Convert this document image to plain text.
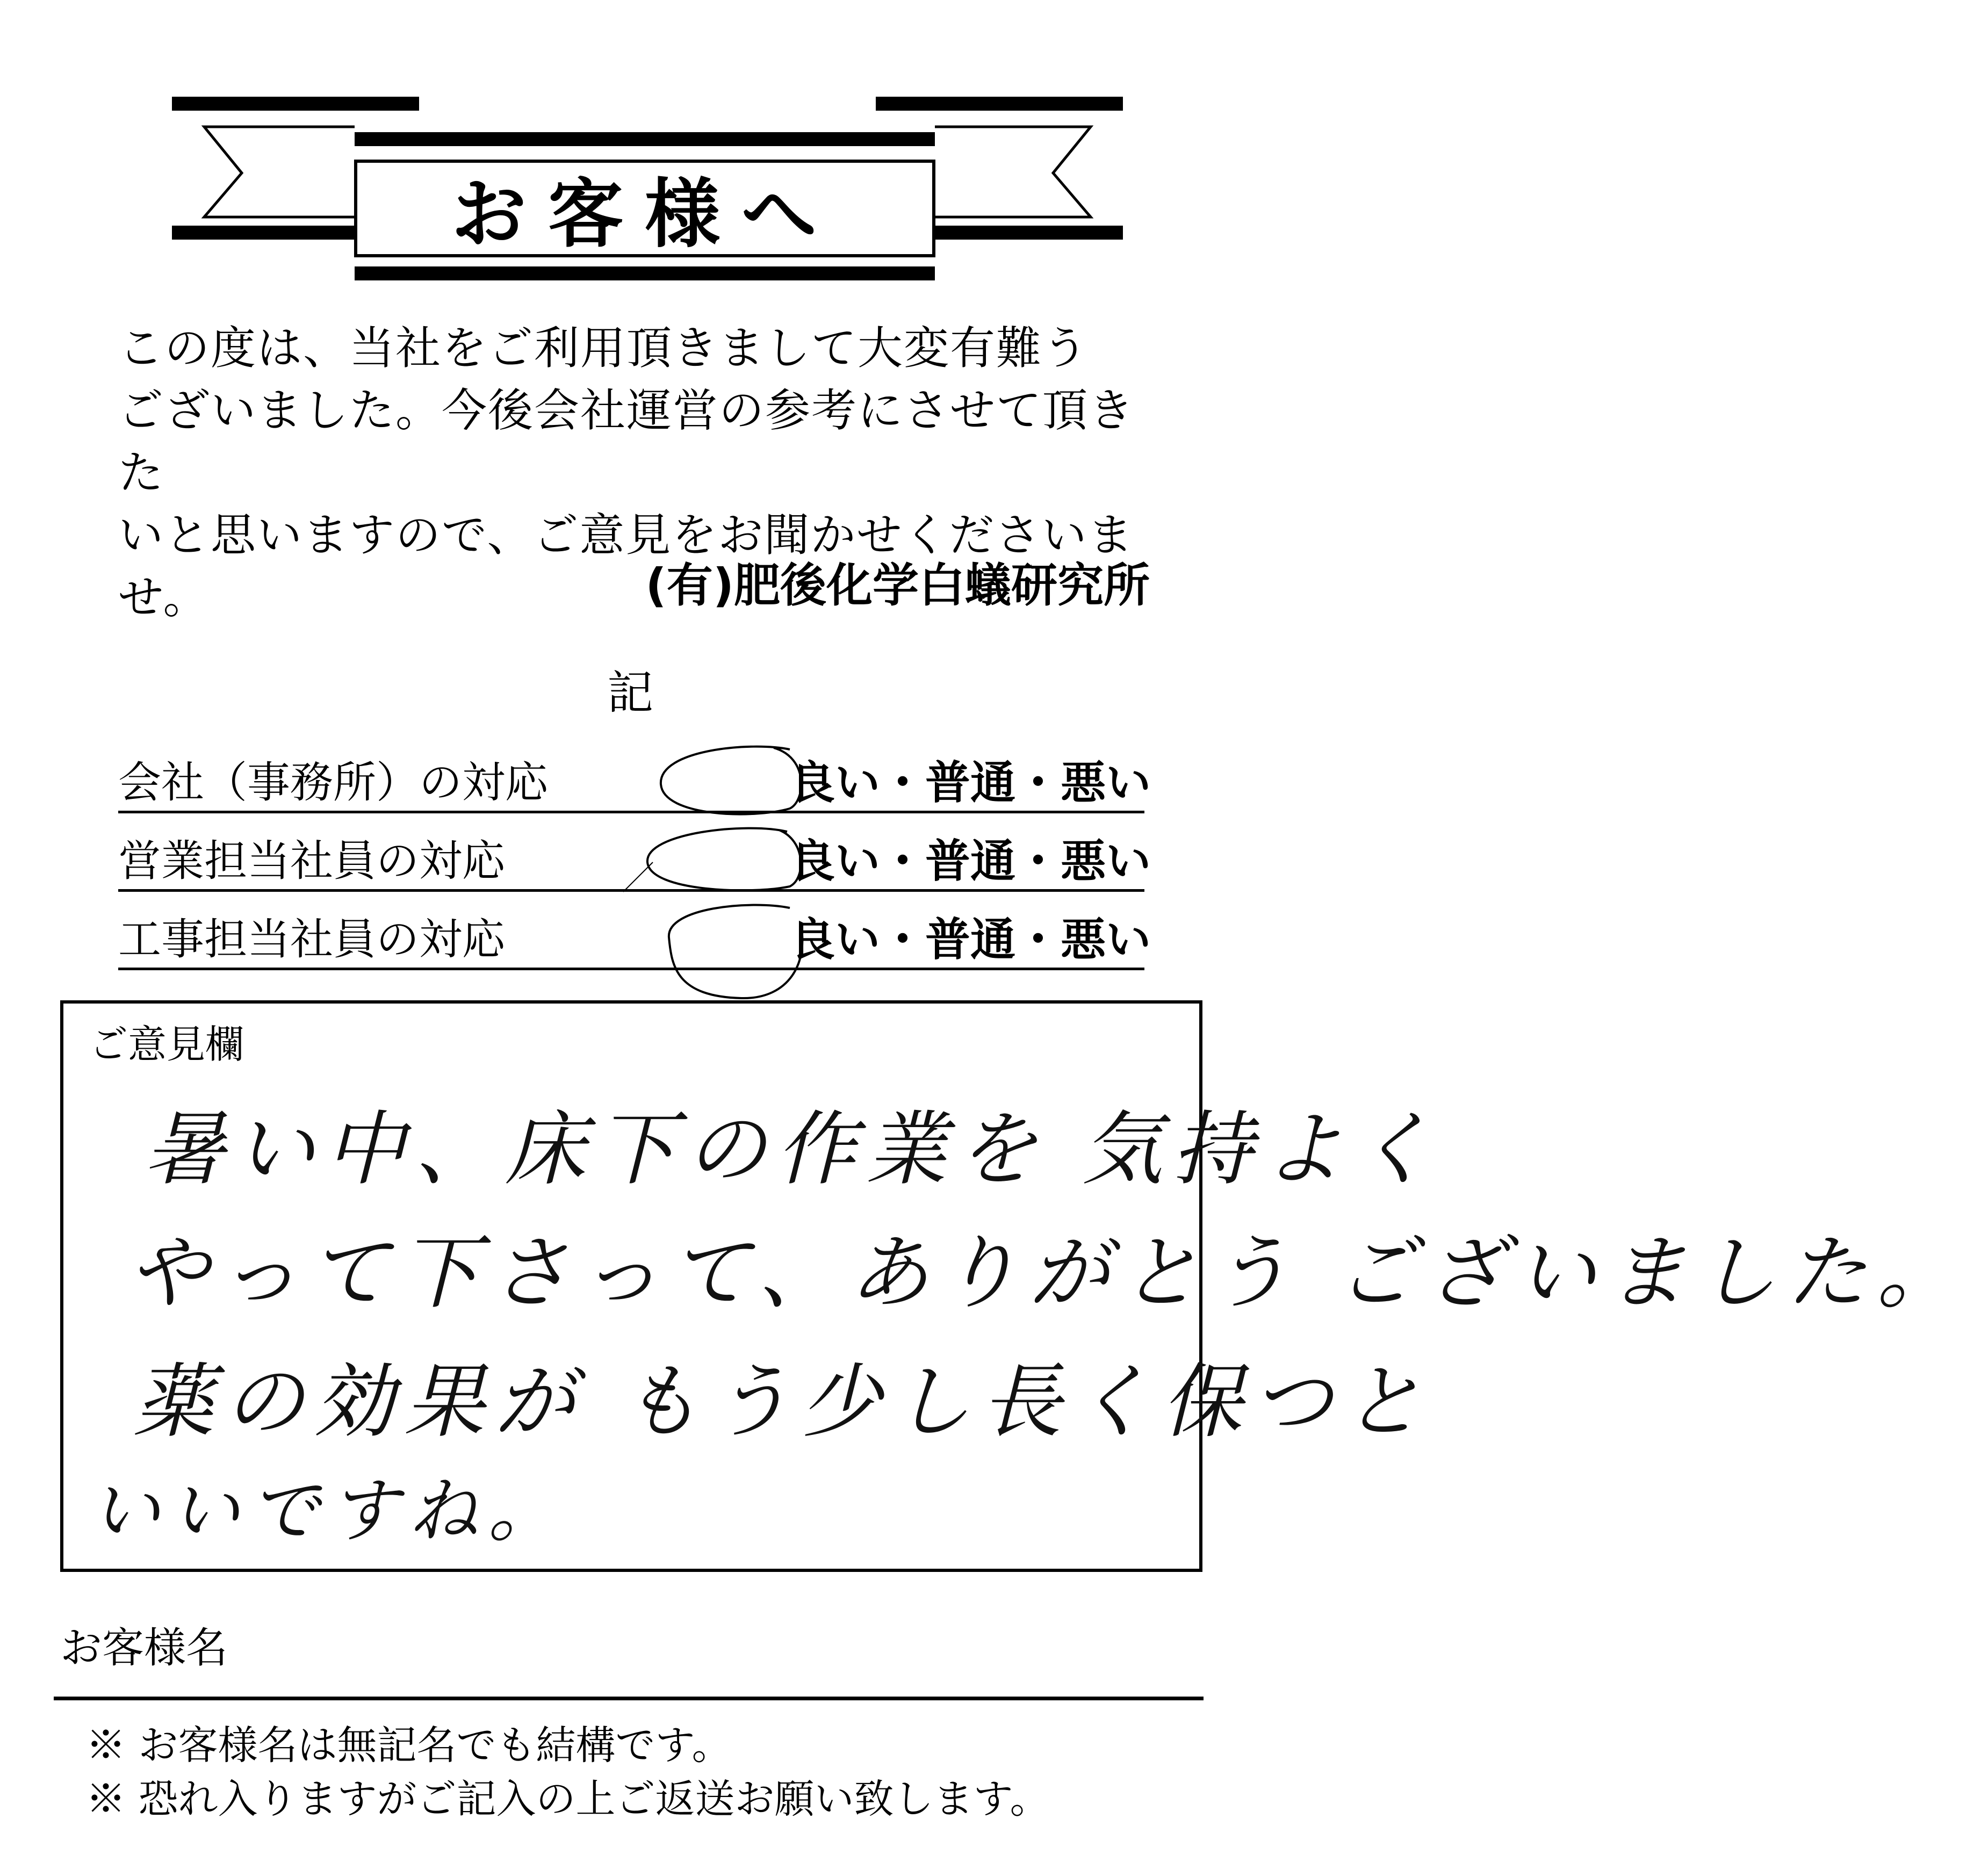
お客様へ
この度は、当社をご利用頂きまして大変有難う
ございました。今後会社運営の参考にさせて頂きた
いと思いますので、ご意見をお聞かせくださいませ。	(有)肥後化学白蟻研究所
記
会社（事務所）の対応	良い ・ 普通 ・ 悪い
営業担当社員の対応	良い ・ 普通 ・ 悪い
工事担当社員の対応	良い ・ 普通 ・ 悪い
ご意見欄
暑い中、床下の作業を 気持よく
やって下さって、ありがとう ございました。
薬の効果が もう少し長く保つと
いいですね。
お客様名
※ お客様名は無記名でも結構です。
※ 恐れ入りますがご記入の上ご返送お願い致します。
